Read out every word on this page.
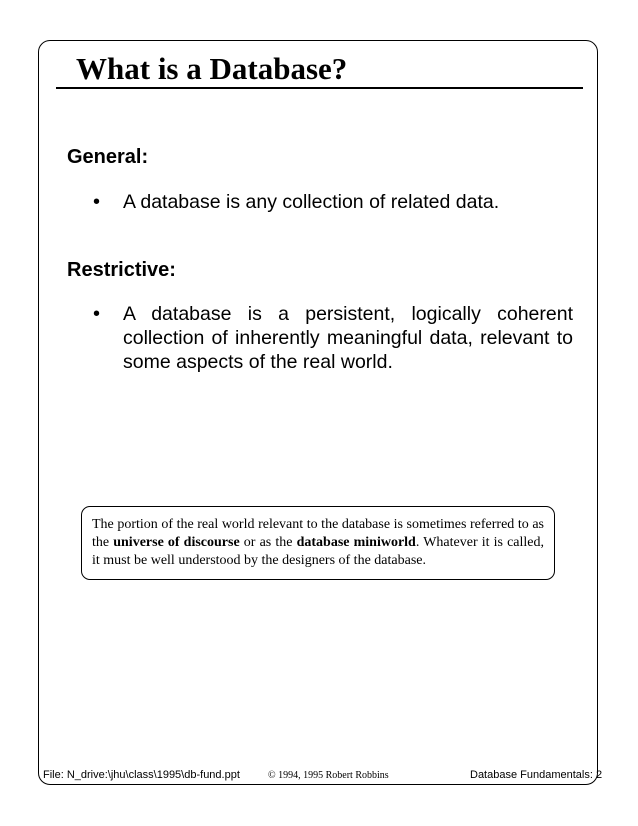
What is a Database?
General:
• A database is any collection of related data.
Restrictive:
• A database is a persistent, logically coherent collection of inherently meaningful data, relevant to some aspects of the real world.
The portion of the real world relevant to the database is sometimes referred to as the universe of discourse or as the database miniworld. Whatever it is called, it must be well understood by the designers of the database.
File: N_drive:\jhu\class\1995\db-fund.ppt	© 1994, 1995 Robert Robbins	Database Fundamentals: 2
